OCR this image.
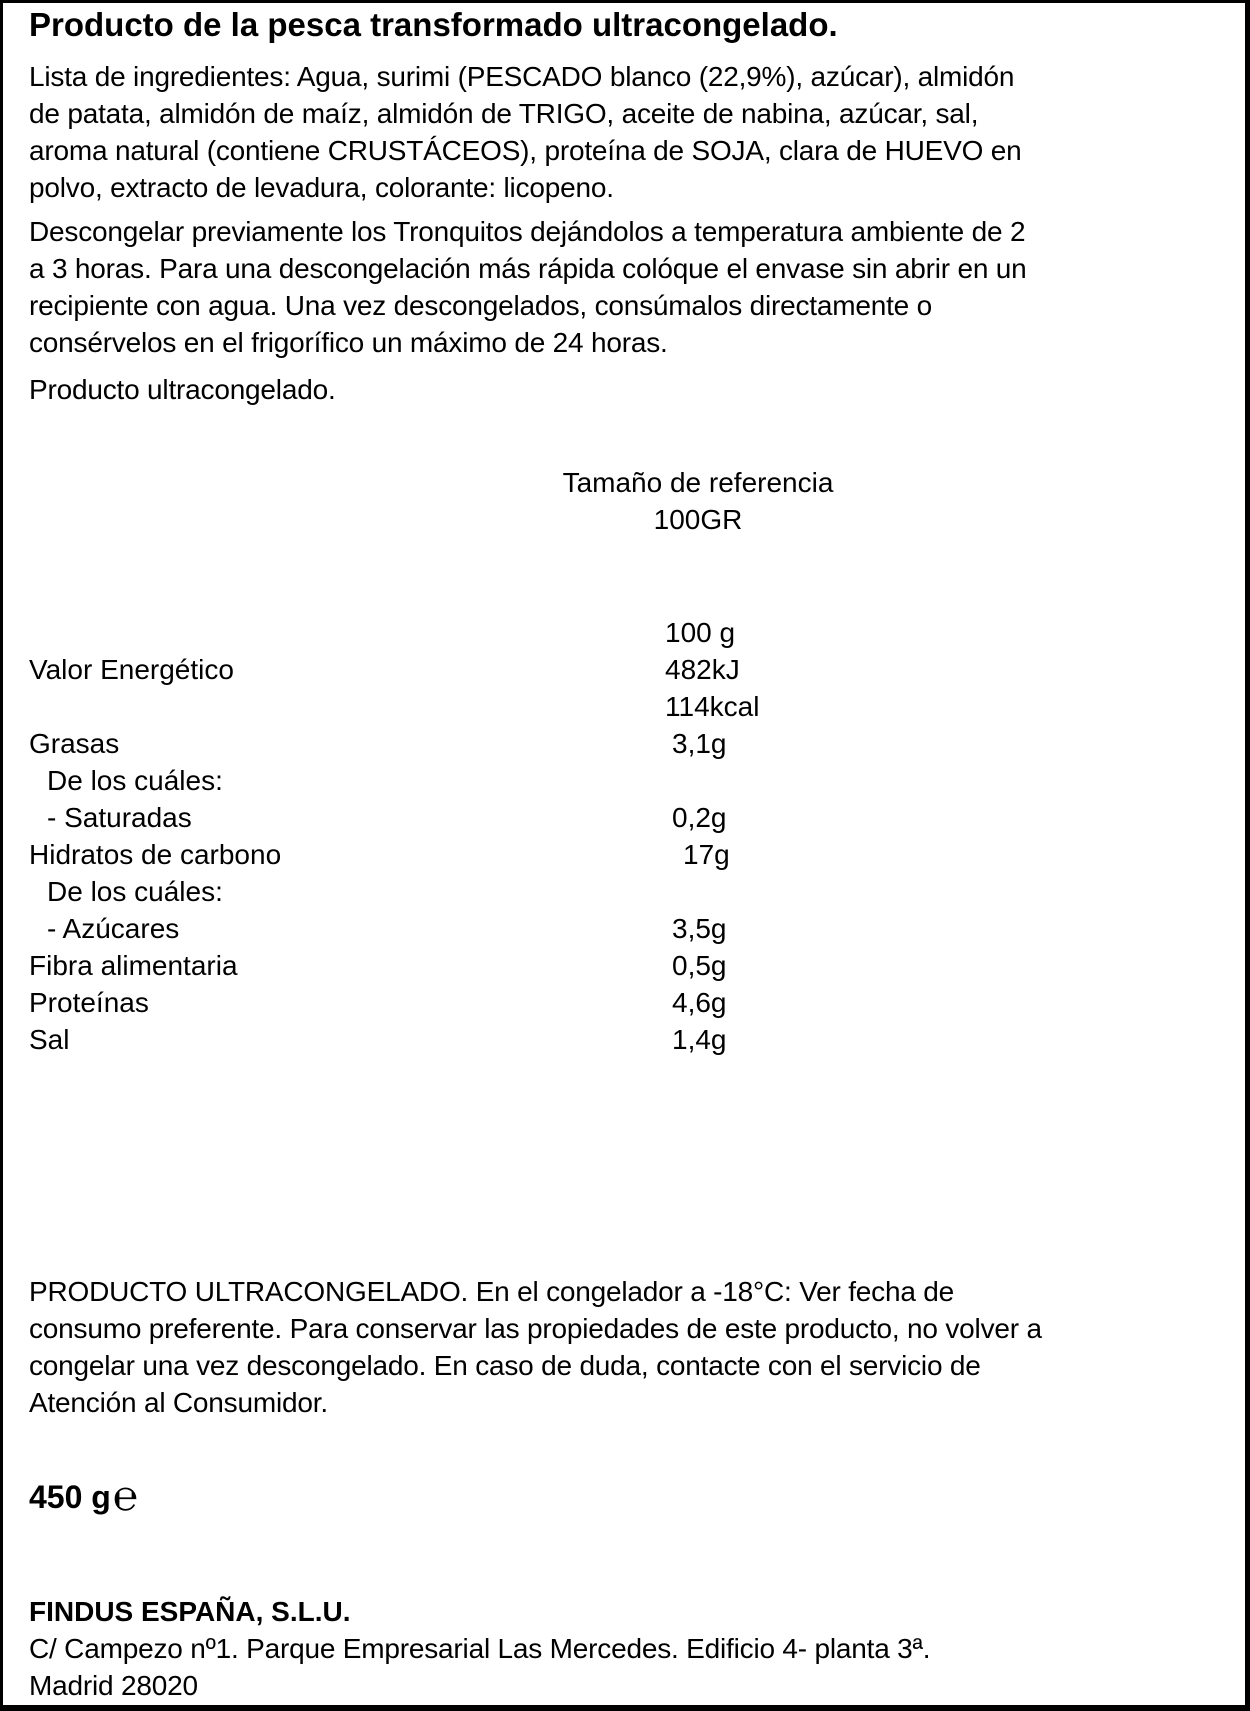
Producto de la pesca transformado ultracongelado.
Lista de ingredientes: Agua, surimi (PESCADO blanco (22,9%), azúcar), almidón
de patata, almidón de maíz, almidón de TRIGO, aceite de nabina, azúcar, sal,
aroma natural (contiene CRUSTÁCEOS), proteína de SOJA, clara de HUEVO en
polvo, extracto de levadura, colorante: licopeno.
Descongelar previamente los Tronquitos dejándolos a temperatura ambiente de 2
a 3 horas. Para una descongelación más rápida colóque el envase sin abrir en un
recipiente con agua. Una vez descongelados, consúmalos directamente o
consérvelos en el frigorífico un máximo de 24 horas.
Producto ultracongelado.
Tamaño de referencia
100GR
100 g
Valor Energético	482kJ
114kcal
Grasas	3,1g
De los cuáles:
- Saturadas	0,2g
Hidratos de carbono	17g
De los cuáles:
- Azúcares	3,5g
Fibra alimentaria	0,5g
Proteínas	4,6g
Sal	1,4g
PRODUCTO ULTRACONGELADO. En el congelador a -18°C: Ver fecha de
consumo preferente. Para conservar las propiedades de este producto, no volver a
congelar una vez descongelado. En caso de duda, contacte con el servicio de
Atención al Consumidor.
450 g℮
FINDUS ESPAÑA, S.L.U.
C/ Campezo nº1. Parque Empresarial Las Mercedes. Edificio 4- planta 3ª.
Madrid 28020
